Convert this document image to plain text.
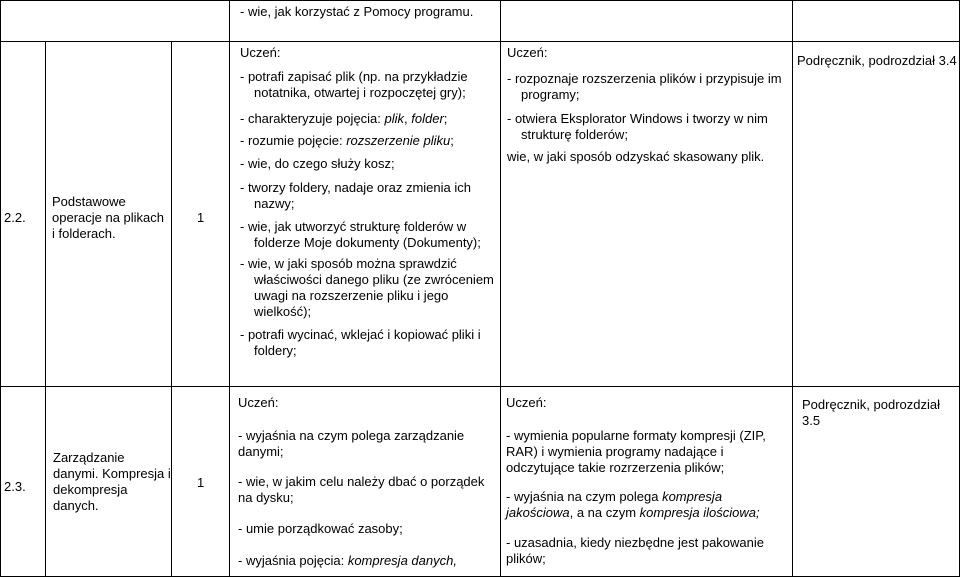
- wie, jak korzystać z Pomocy programu.
2.2.
Podstawowe operacje na plikach i folderach.
1
Uczeń:
- potrafi zapisać plik (np. na przykładzie notatnika, otwartej i rozpoczętej gry);
- charakteryzuje pojęcia: plik, folder;
- rozumie pojęcie: rozszerzenie pliku;
- wie, do czego służy kosz;
- tworzy foldery, nadaje oraz zmienia ich nazwy;
- wie, jak utworzyć strukturę folderów w folderze Moje dokumenty (Dokumenty);
- wie, w jaki sposób można sprawdzić właściwości danego pliku (ze zwróceniem uwagi na rozszerzenie pliku i jego wielkość);
- potrafi wycinać, wklejać i kopiować pliki i foldery;
Uczeń:
- rozpoznaje rozszerzenia plików i przypisuje im programy;
- otwiera Eksplorator Windows i tworzy w nim strukturę folderów;
wie, w jaki sposób odzyskać skasowany plik.
Podręcznik, podrozdział 3.4
2.3.
Zarządzanie danymi. Kompresja i dekompresja danych.
1
Uczeń:
- wyjaśnia na czym polega zarządzanie danymi;
- wie, w jakim celu należy dbać o porządek na dysku;
- umie porządkować zasoby;
- wyjaśnia pojęcia: kompresja danych,
Uczeń:
- wymienia popularne formaty kompresji (ZIP, RAR) i wymienia programy nadające i odczytujące takie rozrzerzenia plików;
- wyjaśnia na czym polega kompresja jakościowa, a na czym kompresja ilościowa;
- uzasadnia, kiedy niezbędne jest pakowanie plików;
Podręcznik, podrozdział 3.5
